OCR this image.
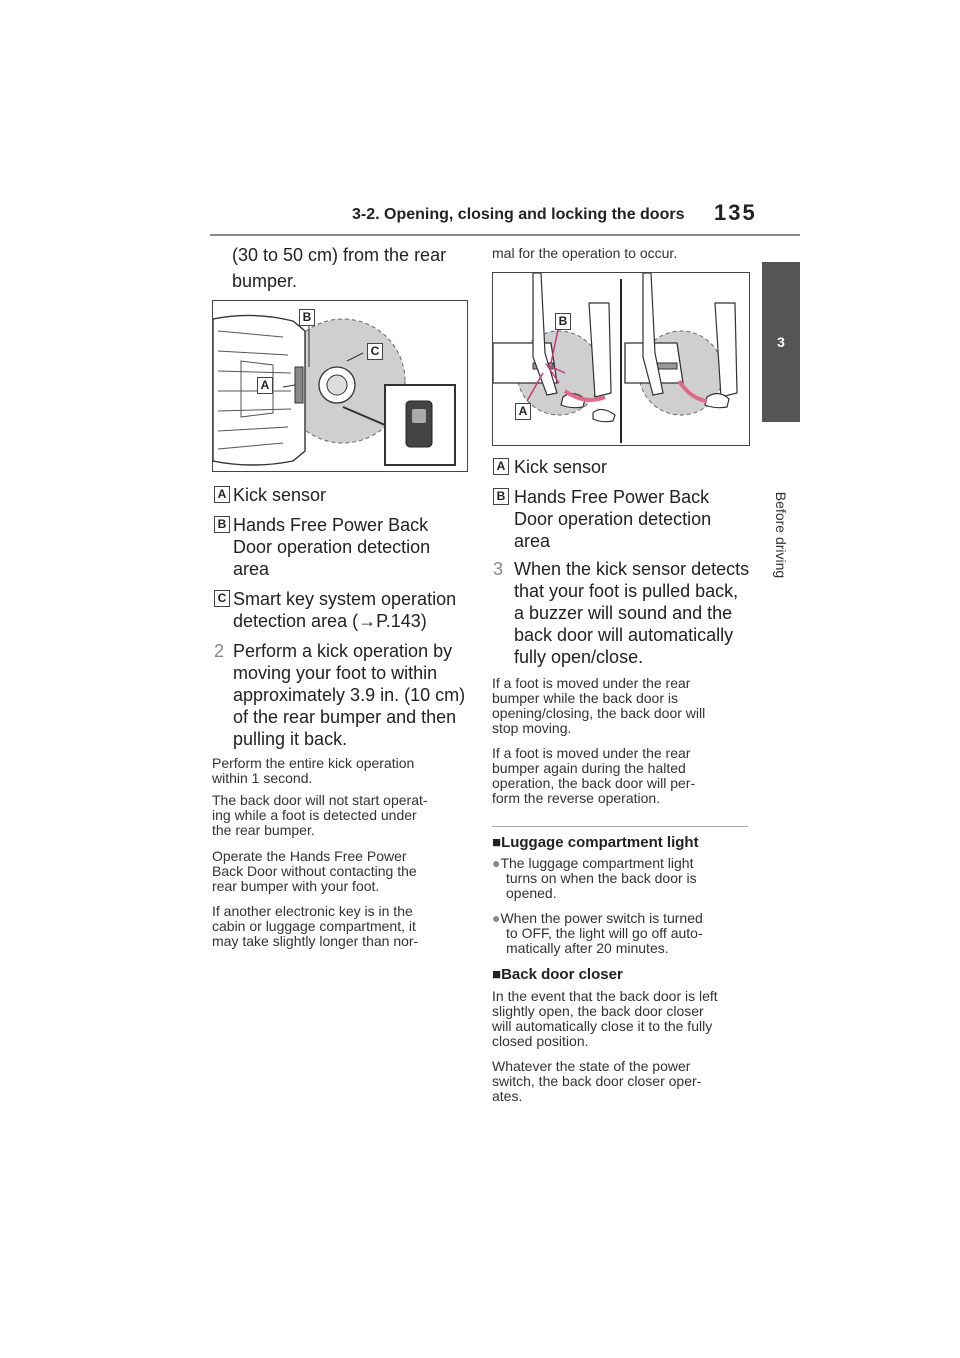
3-2. Opening, closing and locking the doors 135
3
Before driving
(30 to 50 cm) from the rear
bumper.
B
C
A
A Kick sensor
B Hands Free Power Back
Door operation detection
area
C Smart key system operation
detection area (→P.143)
2 Perform a kick operation by
moving your foot to within
approximately 3.9 in. (10 cm)
of the rear bumper and then
pulling it back.
Perform the entire kick operation
within 1 second.
The back door will not start operat-
ing while a foot is detected under
the rear bumper.
Operate the Hands Free Power
Back Door without contacting the
rear bumper with your foot.
If another electronic key is in the
cabin or luggage compartment, it
may take slightly longer than nor-
mal for the operation to occur.
B
A
A Kick sensor
B Hands Free Power Back
Door operation detection
area
3 When the kick sensor detects
that your foot is pulled back,
a buzzer will sound and the
back door will automatically
fully open/close.
If a foot is moved under the rear
bumper while the back door is
opening/closing, the back door will
stop moving.
If a foot is moved under the rear
bumper again during the halted
operation, the back door will per-
form the reverse operation.
■Luggage compartment light
●The luggage compartment light
turns on when the back door is
opened.
●When the power switch is turned
to OFF, the light will go off auto-
matically after 20 minutes.
■Back door closer
In the event that the back door is left
slightly open, the back door closer
will automatically close it to the fully
closed position.
Whatever the state of the power
switch, the back door closer oper-
ates.
